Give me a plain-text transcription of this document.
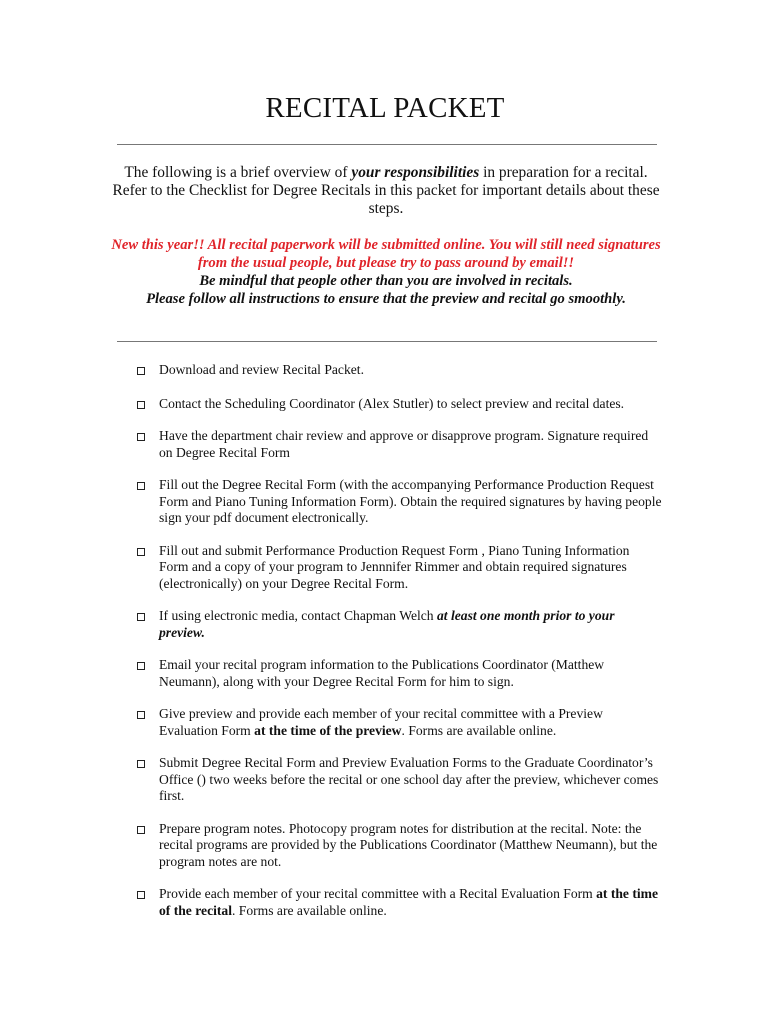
RECITAL PACKET
The following is a brief overview of your responsibilities in preparation for a recital. Refer to the Checklist for Degree Recitals in this packet for important details about these steps.
New this year!! All recital paperwork will be submitted online. You will still need signatures from the usual people, but please try to pass around by email!!
Be mindful that people other than you are involved in recitals.
Please follow all instructions to ensure that the preview and recital go smoothly.
Download and review Recital Packet.
Contact the Scheduling Coordinator (Alex Stutler) to select preview and recital dates.
Have the department chair review and approve or disapprove program. Signature required on Degree Recital Form
Fill out the Degree Recital Form (with the accompanying Performance Production Request Form and Piano Tuning Information Form). Obtain the required signatures by having people sign your pdf document electronically.
Fill out and submit Performance Production Request Form , Piano Tuning Information Form and a copy of your program to Jennnifer Rimmer and obtain required signatures (electronically) on your Degree Recital Form.
If using electronic media, contact Chapman Welch at least one month prior to your preview.
Email your recital program information to the Publications Coordinator (Matthew Neumann), along with your Degree Recital Form for him to sign.
Give preview and provide each member of your recital committee with a Preview Evaluation Form at the time of the preview. Forms are available online.
Submit Degree Recital Form and Preview Evaluation Forms to the Graduate Coordinator’s Office () two weeks before the recital or one school day after the preview, whichever comes first.
Prepare program notes. Photocopy program notes for distribution at the recital. Note: the recital programs are provided by the Publications Coordinator (Matthew Neumann), but the program notes are not.
Provide each member of your recital committee with a Recital Evaluation Form at the time of the recital. Forms are available online.
